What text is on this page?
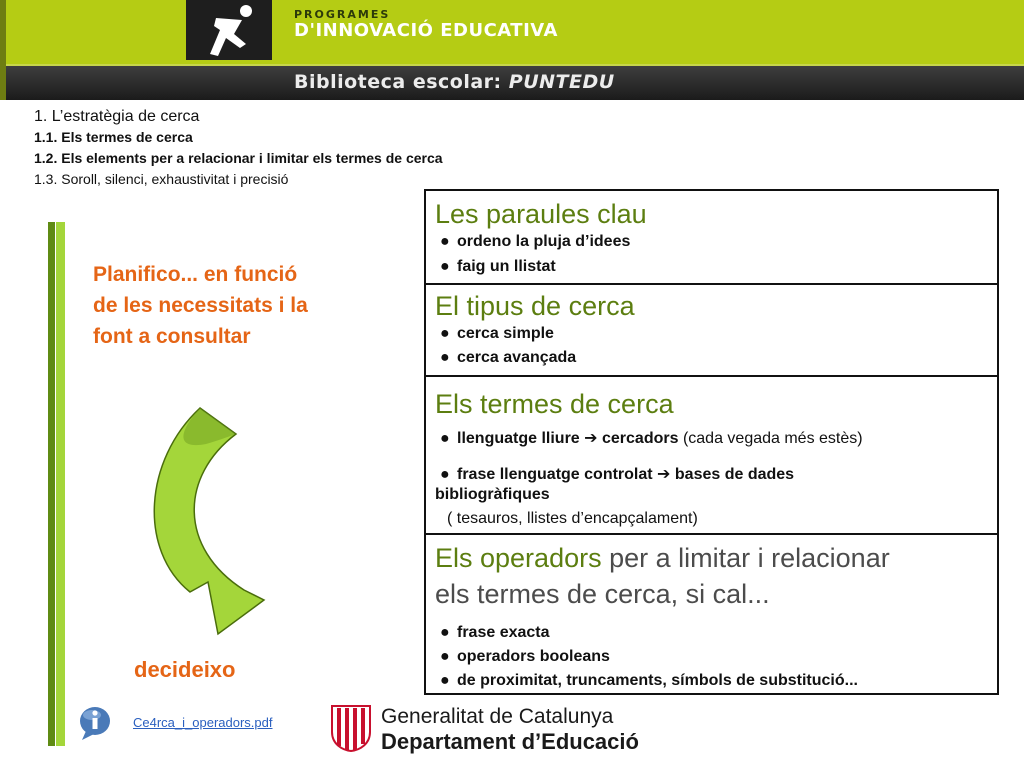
PROGRAMES
D'INNOVACIÓ EDUCATIVA
Biblioteca escolar: PUNTEDU
1. L’estratègia de cerca
1.1. Els termes de cerca
1.2. Els elements per a relacionar i limitar els termes de cerca
1.3. Soroll, silenci, exhaustivitat i precisió
Planifico... en funció de les necessitats i la font a consultar
decideixo
Ce4rca_i_operadors.pdf	Generalitat de Catalunya
Departament d’Educació
Les paraules clau
● ordeno la pluja d’idees
● faig un llistat
El tipus de cerca
● cerca simple
● cerca avançada
Els termes de cerca
● llenguatge lliure ➔ cercadors (cada vegada més estès)
● frase llenguatge controlat ➔ bases de dades
bibliogràfiques
( tesauros, llistes d’encapçalament)
Els operadors per a limitar i relacionar
els termes de cerca, si cal...
● frase exacta
● operadors booleans
● de proximitat, truncaments, símbols de substitució...
